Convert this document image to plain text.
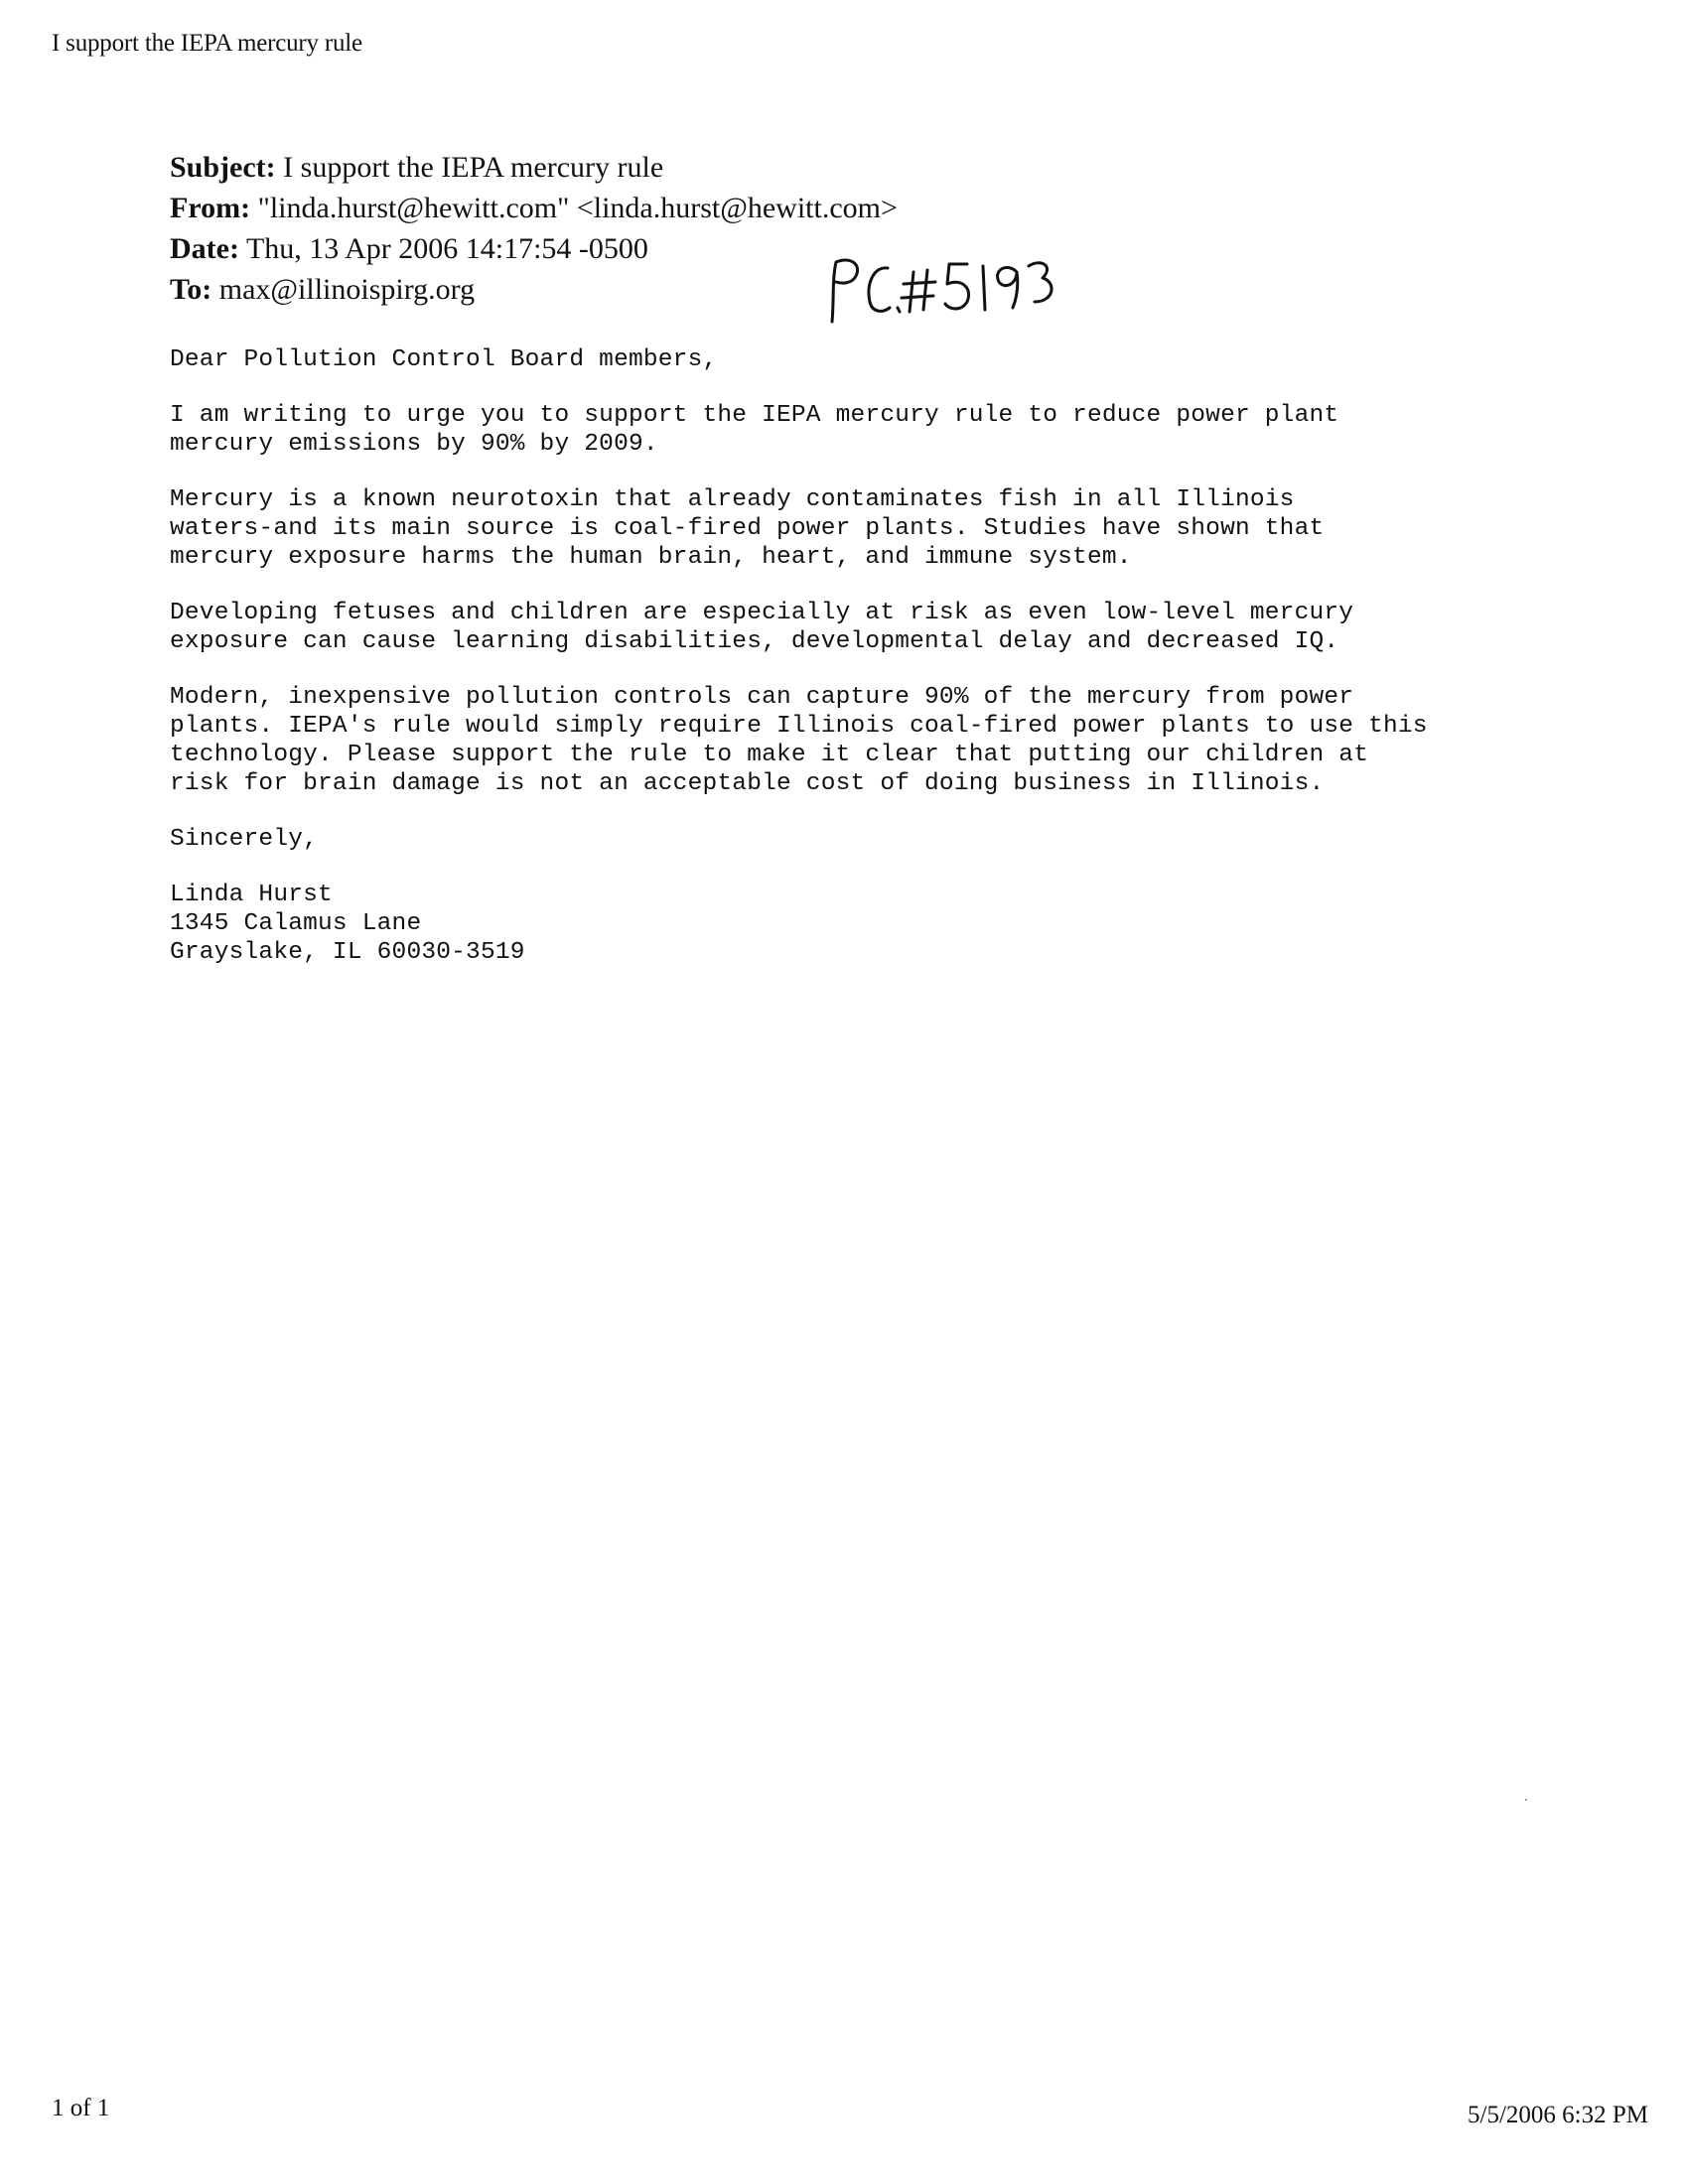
I support the IEPA mercury rule
Subject: I support the IEPA mercury rule
From: "linda.hurst@hewitt.com" <linda.hurst@hewitt.com>
Date: Thu, 13 Apr 2006 14:17:54 -0500
To: max@illinoispirg.org
Dear Pollution Control Board members,
I am writing to urge you to support the IEPA mercury rule to reduce power plant
mercury emissions by 90% by 2009.
Mercury is a known neurotoxin that already contaminates fish in all Illinois
waters-and its main source is coal-fired power plants. Studies have shown that
mercury exposure harms the human brain, heart, and immune system.
Developing fetuses and children are especially at risk as even low-level mercury
exposure can cause learning disabilities, developmental delay and decreased IQ.
Modern, inexpensive pollution controls can capture 90% of the mercury from power
plants. IEPA's rule would simply require Illinois coal-fired power plants to use this
technology. Please support the rule to make it clear that putting our children at
risk for brain damage is not an acceptable cost of doing business in Illinois.
Sincerely,
Linda Hurst
1345 Calamus Lane
Grayslake, IL 60030-3519
1 of 1	5/5/2006 6:32 PM
